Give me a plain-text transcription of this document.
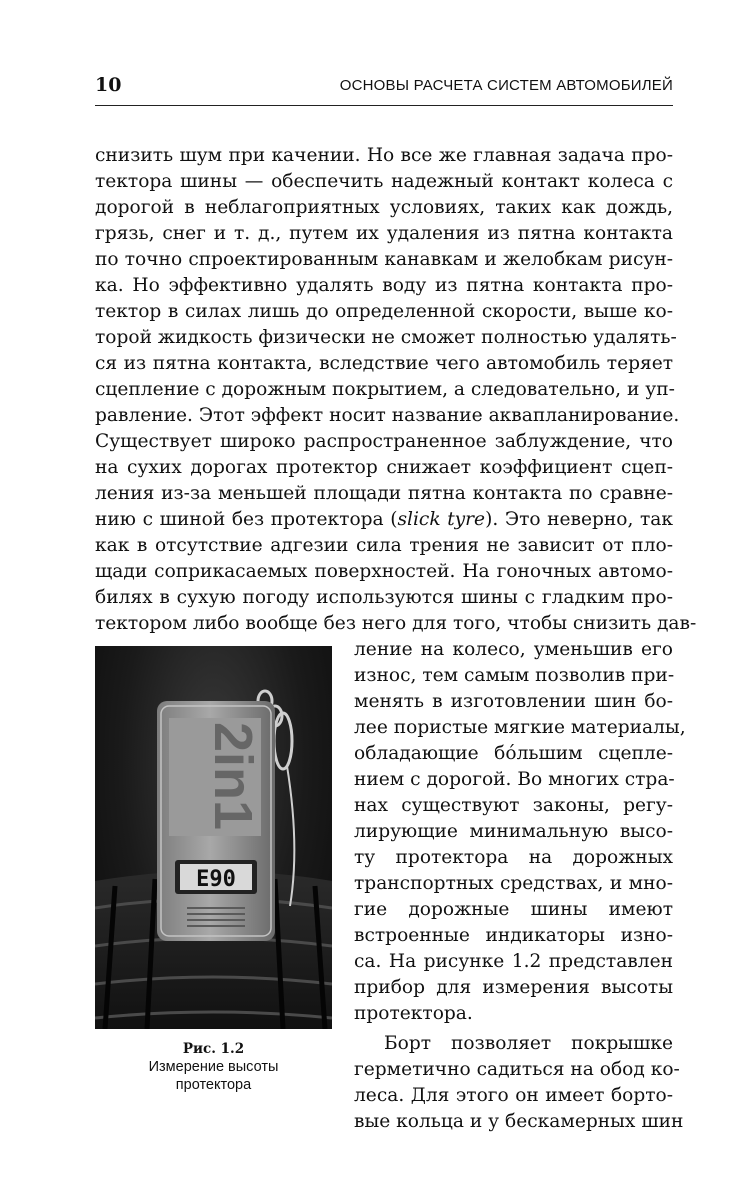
10	ОСНОВЫ РАСЧЕТА СИСТЕМ АВТОМОБИЛЕЙ
снизить шум при качении. Но все же главная задача про-
тектора шины — обеспечить надежный контакт колеса с
дорогой в неблагоприятных условиях, таких как дождь,
грязь, снег и т. д., путем их удаления из пятна контакта
по точно спроектированным канавкам и желобкам рисун-
ка. Но эффективно удалять воду из пятна контакта про-
тектор в силах лишь до определенной скорости, выше ко-
торой жидкость физически не сможет полностью удалять-
ся из пятна контакта, вследствие чего автомобиль теряет
сцепление с дорожным покрытием, а следовательно, и уп-
равление. Этот эффект носит название аквапланирование.
Существует широко распространенное заблуждение, что
на сухих дорогах протектор снижает коэффициент сцеп-
ления из-за меньшей площади пятна контакта по сравне-
нию с шиной без протектора (slick tyre). Это неверно, так
как в отсутствие адгезии сила трения не зависит от пло-
щади соприкасаемых поверхностей. На гоночных автомо-
билях в сухую погоду используются шины с гладким про-
тектором либо вообще без него для того, чтобы снизить дав-
ление на колесо, уменьшив его
износ, тем самым позволив при-
менять в изготовлении шин бо-
лее пористые мягкие материалы,
обладающие бо́льшим сцепле-
нием с дорогой. Во многих стра-
нах существуют законы, регу-
лирующие минимальную высо-
ту протектора на дорожных
транспортных средствах, и мно-
гие дорожные шины имеют
встроенные индикаторы изно-
са. На рисунке 1.2 представлен
прибор для измерения высоты
протектора.
Борт позволяет покрышке
герметично садиться на обод ко-
леса. Для этого он имеет борто-
вые кольца и у бескамерных шин
2in1
E90
Рис. 1.2
Измерение высоты
протектора
